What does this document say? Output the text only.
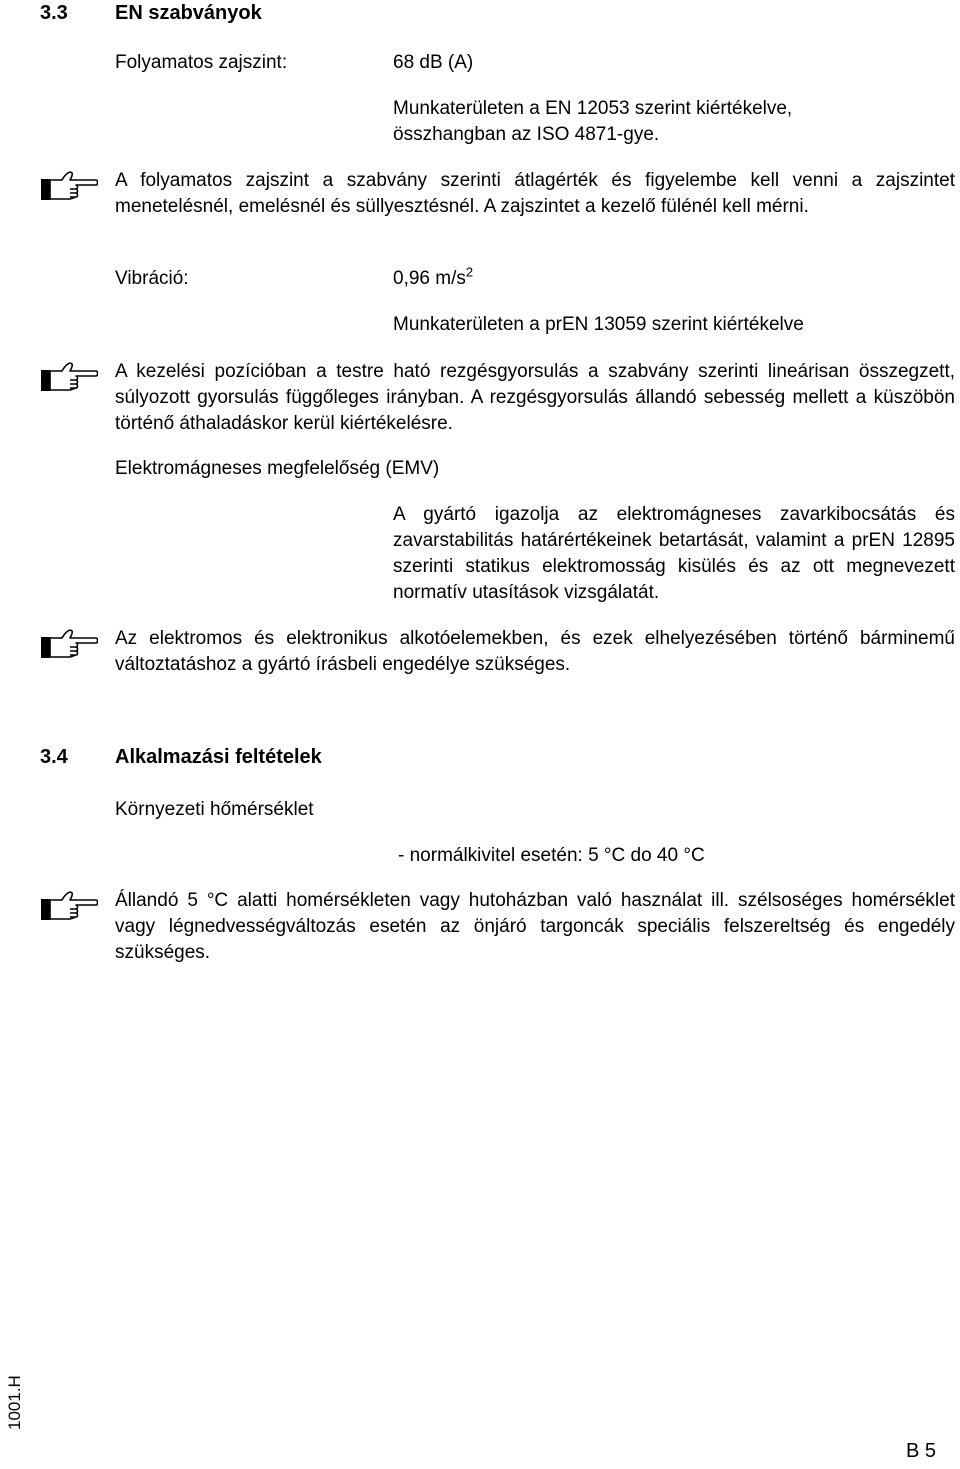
3.3 EN szabványok
Folyamatos zajszint:	68 dB (A)
Munkaterületen a EN 12053 szerint kiértékelve,
összhangban az ISO 4871-gye.
A folyamatos zajszint a szabvány szerinti átlagérték és figyelembe kell venni a zajszintet menetelésnél, emelésnél és süllyesztésnél. A zajszintet a kezelő fülénél kell mérni.
Vibráció:	0,96 $m/s^2$
Munkaterületen a prEN 13059 szerint kiértékelve
A kezelési pozícióban a testre ható rezgésgyorsulás a szabvány szerinti lineárisan összegzett, súlyozott gyorsulás függőleges irányban. A rezgésgyorsulás állandó sebesség mellett a küszöbön történő áthaladáskor kerül kiértékelésre.
Elektromágneses megfelelőség (EMV)
A gyártó igazolja az elektromágneses zavarkibocsátás és zavarstabilitás határértékeinek betartását, valamint a prEN 12895 szerinti statikus elektromosság kisülés és az ott megnevezett normatív utasítások vizsgálatát.
Az elektromos és elektronikus alkotóelemekben, és ezek elhelyezésében történő bárminemű változtatáshoz a gyártó írásbeli engedélye szükséges.
3.4 Alkalmazási feltételek
Környezeti hőmérséklet
- normálkivitel esetén: 5 °C do 40 °C
Állandó 5 °C alatti homérsékleten vagy hutoházban való használat ill. szélsoséges homérséklet vagy légnedvességváltozás esetén az önjáró targoncák speciális felszereltség és engedély szükséges.
1001.H
B 5
